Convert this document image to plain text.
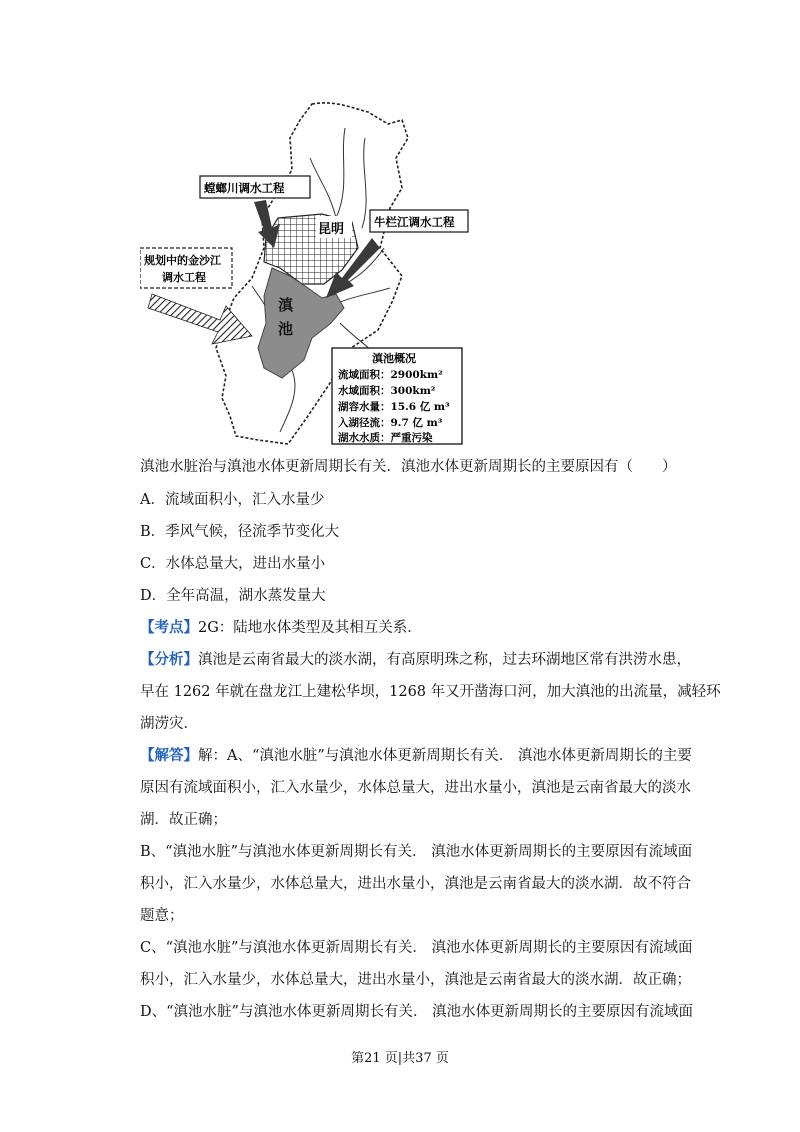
昆明
滇
池
螳螂川调水工程
牛栏江调水工程
规划中的金沙江
调水工程
滇池概况
流域面积：2900km²
水域面积：300km²
湖容水量：15.6 亿 m³
入湖径流：9.7 亿 m³
湖水水质：严重污染
滇池水脏治与滇池水体更新周期长有关．滇池水体更新周期长的主要原因有（　　）
A．流域面积小，汇入水量少
B．季风气候，径流季节变化大
C．水体总量大，进出水量小
D．全年高温，湖水蒸发量大
【考点】2G：陆地水体类型及其相互关系．
【分析】滇池是云南省最大的淡水湖，有高原明珠之称，过去环湖地区常有洪涝水患，
早在 1262 年就在盘龙江上建松华坝，1268 年又开凿海口河，加大滇池的出流量，减轻环
湖涝灾．
【解答】解：A、“滇池水脏”与滇池水体更新周期长有关． 滇池水体更新周期长的主要
原因有流域面积小，汇入水量少，水体总量大，进出水量小，滇池是云南省最大的淡水
湖．故正确；
B、“滇池水脏”与滇池水体更新周期长有关． 滇池水体更新周期长的主要原因有流域面
积小，汇入水量少，水体总量大，进出水量小，滇池是云南省最大的淡水湖．故不符合
题意；
C、“滇池水脏”与滇池水体更新周期长有关． 滇池水体更新周期长的主要原因有流域面
积小，汇入水量少，水体总量大，进出水量小，滇池是云南省最大的淡水湖．故正确；
D、“滇池水脏”与滇池水体更新周期长有关． 滇池水体更新周期长的主要原因有流域面
第21 页|共37 页
